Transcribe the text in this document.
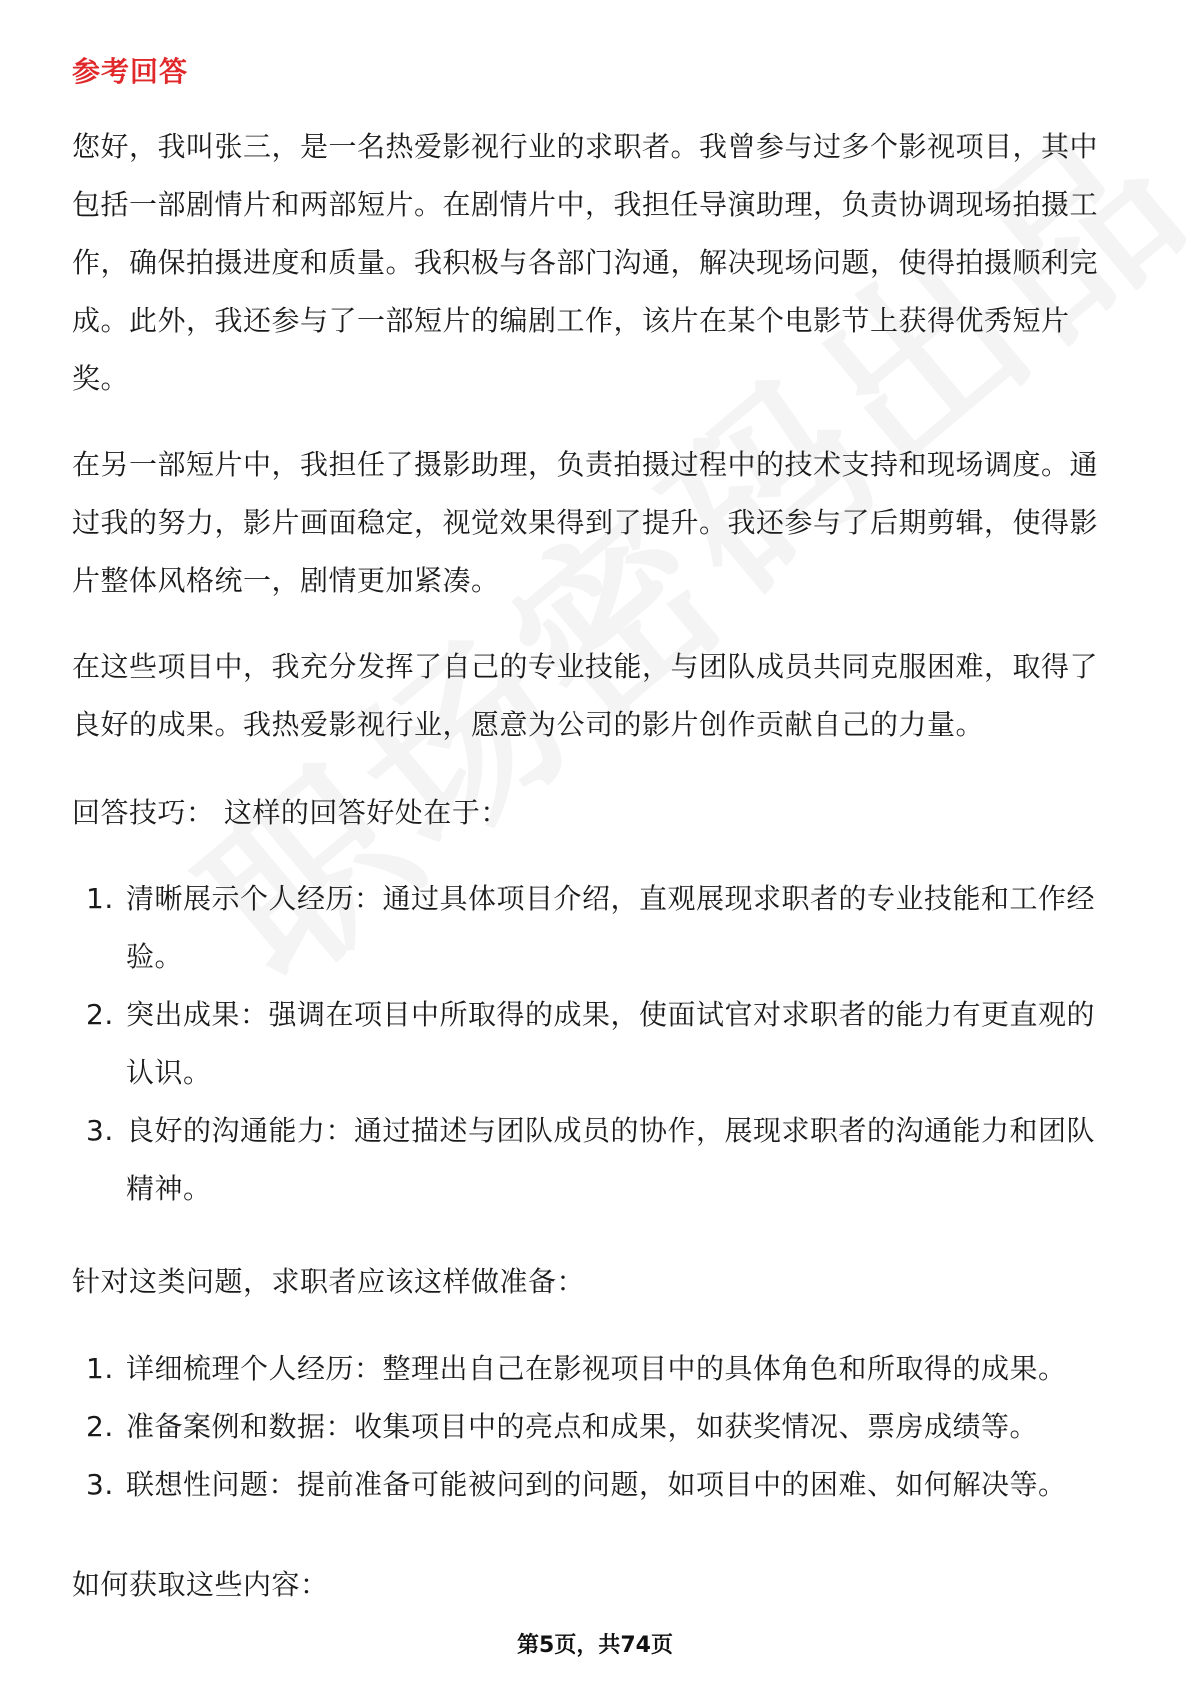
参考回答

您好，我叫张三，是一名热爱影视行业的求职者。我曾参与过多个影视项目，其中包括一部剧情片和两部短片。在剧情片中，我担任导演助理，负责协调现场拍摄工作，确保拍摄进度和质量。我积极与各部门沟通，解决现场问题，使得拍摄顺利完成。此外，我还参与了一部短片的编剧工作，该片在某个电影节上获得优秀短片奖。

在另一部短片中，我担任了摄影助理，负责拍摄过程中的技术支持和现场调度。通过我的努力，影片画面稳定，视觉效果得到了提升。我还参与了后期剪辑，使得影片整体风格统一，剧情更加紧凑。

在这些项目中，我充分发挥了自己的专业技能，与团队成员共同克服困难，取得了良好的成果。我热爱影视行业，愿意为公司的影片创作贡献自己的力量。

回答技巧： 这样的回答好处在于：

1. 清晰展示个人经历：通过具体项目介绍，直观展现求职者的专业技能和工作经验。
2. 突出成果：强调在项目中所取得的成果，使面试官对求职者的能力有更直观的认识。
3. 良好的沟通能力：通过描述与团队成员的协作，展现求职者的沟通能力和团队精神。

针对这类问题，求职者应该这样做准备：

1. 详细梳理个人经历：整理出自己在影视项目中的具体角色和所取得的成果。
2. 准备案例和数据：收集项目中的亮点和成果，如获奖情况、票房成绩等。
3. 联想性问题：提前准备可能被问到的问题，如项目中的困难、如何解决等。

如何获取这些内容：

第5页，共74页
